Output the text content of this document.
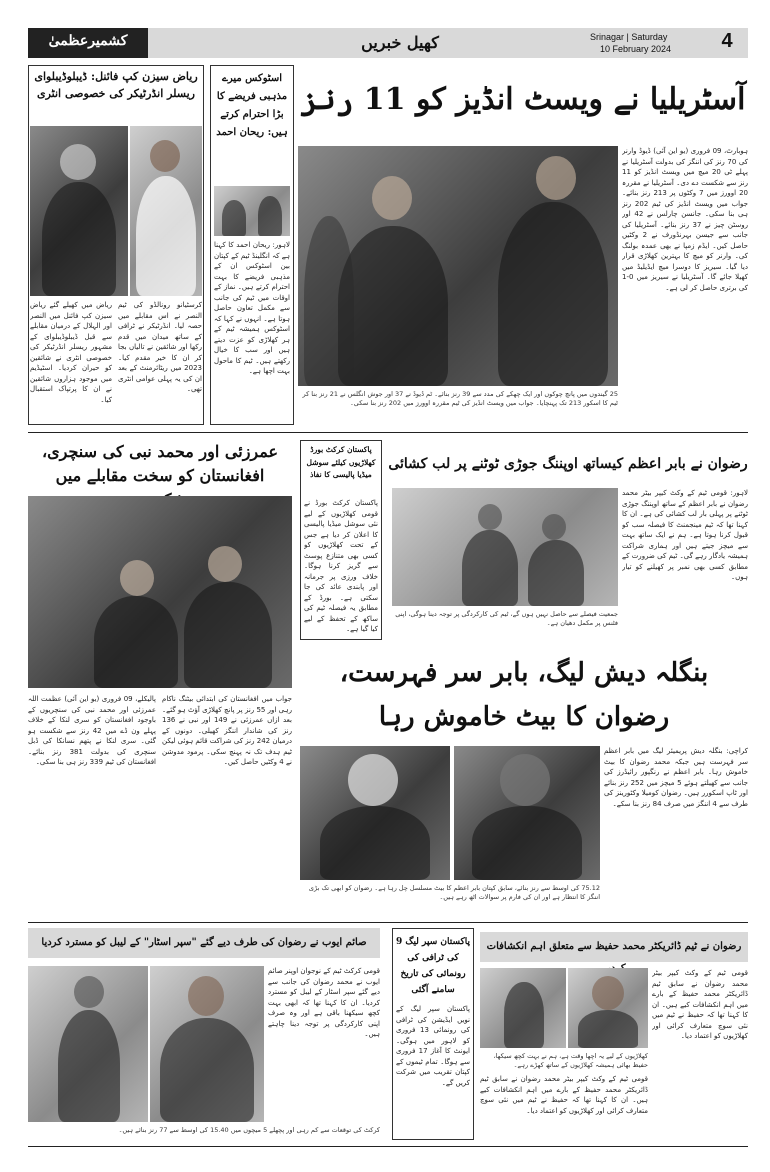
کشمیرعظمیٰ	کھیل خبریں	Srinagar | Saturday
10 February 2024	4
ریاض سیزن کپ فائنل: ڈیبلوڈیبلوای ریسلر انڈرٹیکر کی خصوصی انٹری
ریاض میں کھیلے گئے ریاض سیزن کپ فائنل میں النصر اور الہلال کے درمیان مقابلے سے قبل ڈیبلوڈیبلوای کے مشہور ریسلر انڈرٹیکر کی خصوصی انٹری نے شائقین کو حیران کردیا۔ اسٹیڈیم میں موجود ہزاروں شائقین نے ان کا پرتپاک استقبال کیا۔
کرسٹیانو رونالڈو کی ٹیم النصر نے اس مقابلے میں حصہ لیا۔ انڈرٹیکر نے ٹرافی کے ساتھ میدان میں قدم رکھا اور شائقین نے تالیاں بجا کر ان کا خیر مقدم کیا۔ 2023 میں ریٹائرمنٹ کے بعد ان کی یہ پہلی عوامی انٹری تھی۔
اسٹوکس میرے مذہبی فریضے کا بڑا احترام کرتے ہیں: ریحان احمد
لاہور: ریحان احمد کا کہنا ہے کہ انگلینڈ ٹیم کے کپتان بین اسٹوکس ان کے مذہبی فریضے کا بہت احترام کرتے ہیں۔ نماز کے اوقات میں ٹیم کی جانب سے مکمل تعاون حاصل ہوتا ہے۔ انہوں نے کہا کہ اسٹوکس ہمیشہ ٹیم کے ہر کھلاڑی کو عزت دیتے ہیں اور سب کا خیال رکھتے ہیں۔ ٹیم کا ماحول بہت اچھا ہے۔
آسٹریلیا نے ویسٹ انڈیز کو 11 رنز
ہوبارٹ، 09 فروری (یو این آئی) ڈیوڈ وارنر کی 70 رنز کی اننگز کی بدولت آسٹریلیا نے پہلے ٹی 20 میچ میں ویسٹ انڈیز کو 11 رنز سے شکست دے دی۔ آسٹریلیا نے مقررہ 20 اوورز میں 7 وکٹوں پر 213 رنز بنائے۔ جواب میں ویسٹ انڈیز کی ٹیم 202 رنز ہی بنا سکی۔ جانسن چارلس نے 42 اور روسٹن چیز نے 37 رنز بنائے۔ آسٹریلیا کی جانب سے جیسن بہرنڈورف نے 2 وکٹیں حاصل کیں۔ ایڈم زمپا نے بھی عمدہ بولنگ کی۔ وارنر کو میچ کا بہترین کھلاڑی قرار دیا گیا۔ سیریز کا دوسرا میچ ایڈیلیڈ میں کھیلا جائے گا۔ آسٹریلیا نے سیریز میں 0-1 کی برتری حاصل کر لی ہے۔
25 گیندوں میں پانچ چوکوں اور ایک چھکے کی مدد سے 39 رنز بنائے۔ ٹم ڈیوڈ نے 37 اور جوش انگلس نے 21 رنز بنا کر ٹیم کا اسکور 213 تک پہنچایا۔ جواب میں ویسٹ انڈیز کی ٹیم مقررہ اوورز میں 202 رنز بنا سکی۔
عمرزئی اور محمد نبی کی سنچری،
افغانستان کو سخت مقابلے میں
پالیکلے، 09 فروری (یو این آئی) عظمت اللہ عمرزئی اور محمد نبی کی سنچریوں کے باوجود افغانستان کو سری لنکا کے خلاف پہلے ون ڈے میں 42 رنز سے شکست ہو گئی۔ سری لنکا نے پتھم نسانکا کی ڈبل سنچری کی بدولت 381 رنز بنائے۔ افغانستان کی ٹیم 339 رنز ہی بنا سکی۔
جواب میں افغانستان کی ابتدائی بیٹنگ ناکام رہی اور 55 رنز پر پانچ کھلاڑی آؤٹ ہو گئے۔ بعد ازاں عمرزئی نے 149 اور نبی نے 136 رنز کی شاندار اننگز کھیلی۔ دونوں کے درمیان 242 رنز کی شراکت قائم ہوئی لیکن ٹیم ہدف تک نہ پہنچ سکی۔ پرمود مدوشن نے 4 وکٹیں حاصل کیں۔
پاکستان کرکٹ بورڈ کھلاڑیوں کیلئے سوشل میڈیا پالیسی کا نفاذ
پاکستان کرکٹ بورڈ نے قومی کھلاڑیوں کے لیے نئی سوشل میڈیا پالیسی کا اعلان کر دیا ہے جس کے تحت کھلاڑیوں کو کسی بھی متنازع پوسٹ سے گریز کرنا ہوگا۔ خلاف ورزی پر جرمانہ اور پابندی عائد کی جا سکتی ہے۔ بورڈ کے مطابق یہ فیصلہ ٹیم کی ساکھ کے تحفظ کے لیے کیا گیا ہے۔
رضوان نے بابر اعظم کیساتھ اوپننگ جوڑی ٹوٹنے پر لب کشائی
جمعیت فیصلے سے حاصل نہیں ہوں گے، ٹیم کی کارکردگی پر توجہ دینا ہوگی، اپنی فٹنس پر مکمل دھیان ہے۔
لاہور: قومی ٹیم کے وکٹ کیپر بیٹر محمد رضوان نے بابر اعظم کے ساتھ اوپننگ جوڑی ٹوٹنے پر پہلی بار لب کشائی کی ہے۔ ان کا کہنا تھا کہ ٹیم مینجمنٹ کا فیصلہ سب کو قبول کرنا ہوتا ہے۔ ہم نے ایک ساتھ بہت سے میچز جیتے ہیں اور ہماری شراکت ہمیشہ یادگار رہے گی۔ ٹیم کی ضرورت کے مطابق کسی بھی نمبر پر کھیلنے کو تیار ہوں۔
بنگلہ دیش لیگ، بابر سر فہرست،
رضوان کا بیٹ خاموش رہا
75.12 کی اوسط سے رنز بنائے، سابق کپتان بابر اعظم کا بیٹ مسلسل چل رہا ہے۔ رضوان کو ابھی تک بڑی اننگز کا انتظار ہے اور ان کی فارم پر سوالات اٹھ رہے ہیں۔
کراچی: بنگلہ دیش پریمیئر لیگ میں بابر اعظم سر فہرست ہیں جبکہ محمد رضوان کا بیٹ خاموش رہا۔ بابر اعظم نے رنگپور رائیڈرز کی جانب سے کھیلتے ہوئے 5 میچز میں 252 رنز بنائے اور ٹاپ اسکورر ہیں۔ رضوان کومیلا وکٹورینز کی طرف سے 4 اننگز میں صرف 84 رنز بنا سکے۔
صائم ایوب نے رضوان کی طرف دیے گئے "سپر اسٹار" کے لیبل کو مسترد کردیا
قومی کرکٹ ٹیم کے نوجوان اوپنر صائم ایوب نے محمد رضوان کی جانب سے دیے گئے سپر اسٹار کے لیبل کو مسترد کردیا۔ ان کا کہنا تھا کہ ابھی بہت کچھ سیکھنا باقی ہے اور وہ صرف اپنی کارکردگی پر توجہ دینا چاہتے ہیں۔
کرکٹ کی توقعات سے کم رہی اور پچھلے 5 میچوں میں 15.40 کی اوسط سے 77 رنز بنائے ہیں۔
پاکستان سپر لیگ 9 کی ٹرافی کی رونمائی کی تاریخ سامنے آگئی
پاکستان سپر لیگ کے نویں ایڈیشن کی ٹرافی کی رونمائی 13 فروری کو لاہور میں ہوگی۔ ایونٹ کا آغاز 17 فروری سے ہوگا۔ تمام ٹیموں کے کپتان تقریب میں شرکت کریں گے۔
رضوان نے ٹیم ڈائریکٹر محمد حفیظ سے متعلق اہم انکشافات
کھلاڑیوں کے لیے یہ اچھا وقت ہے، ہم نے بہت کچھ سیکھا، حفیظ بھائی ہمیشہ کھلاڑیوں کے ساتھ کھڑے رہے۔
قومی ٹیم کے وکٹ کیپر بیٹر محمد رضوان نے سابق ٹیم ڈائریکٹر محمد حفیظ کے بارے میں اہم انکشافات کیے ہیں۔ ان کا کہنا تھا کہ حفیظ نے ٹیم میں نئی سوچ متعارف کرائی اور کھلاڑیوں کو اعتماد دیا۔
قومی ٹیم کے وکٹ کیپر بیٹر محمد رضوان نے سابق ٹیم ڈائریکٹر محمد حفیظ کے بارے میں اہم انکشافات کیے ہیں۔ ان کا کہنا تھا کہ حفیظ نے ٹیم میں نئی سوچ متعارف کرائی اور کھلاڑیوں کو اعتماد دیا۔
